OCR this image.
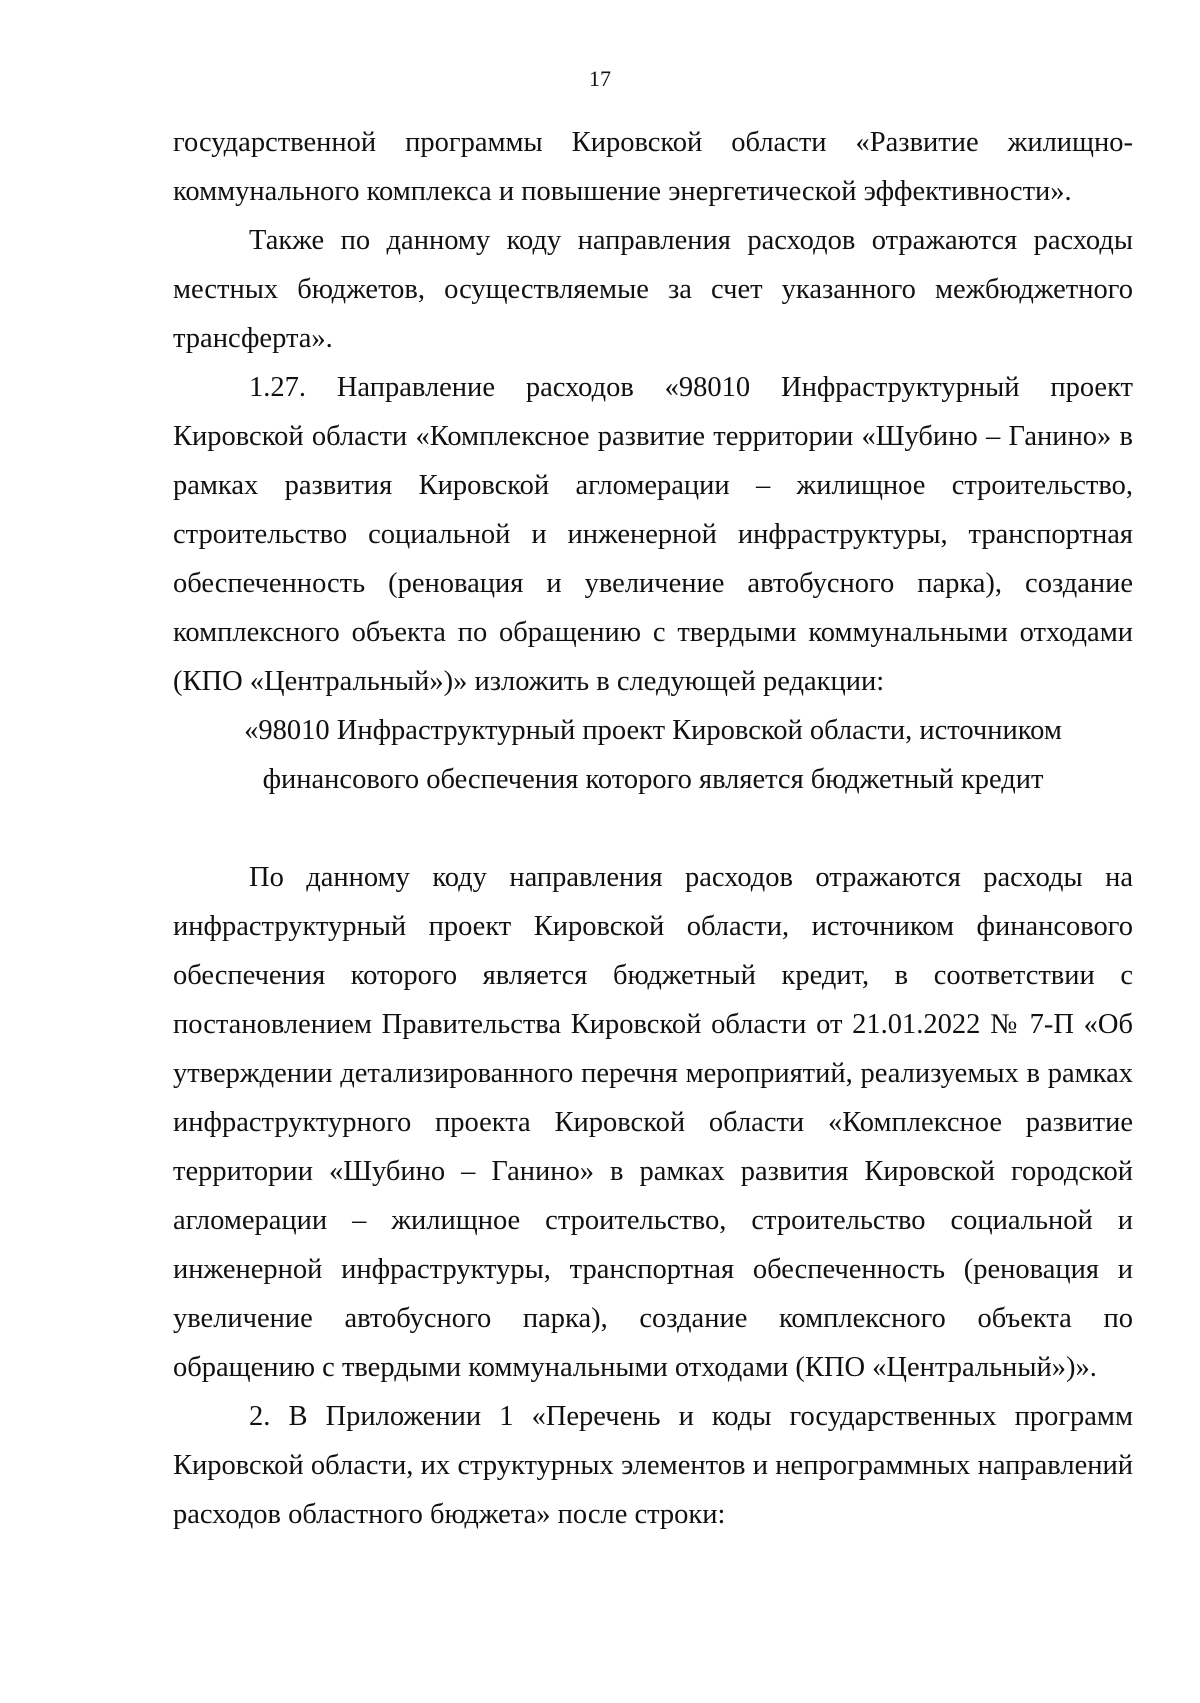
17

государственной программы Кировской области «Развитие жилищно-коммунального комплекса и повышение энергетической эффективности».

Также по данному коду направления расходов отражаются расходы местных бюджетов, осуществляемые за счет указанного межбюджетного трансферта».

1.27. Направление расходов «98010 Инфраструктурный проект Кировской области «Комплексное развитие территории «Шубино – Ганино» в рамках развития Кировской агломерации – жилищное строительство, строительство социальной и инженерной инфраструктуры, транспортная обеспеченность (реновация и увеличение автобусного парка), создание комплексного объекта по обращению с твердыми коммунальными отходами (КПО «Центральный»)» изложить в следующей редакции:

«98010 Инфраструктурный проект Кировской области, источником

финансового обеспечения которого является бюджетный кредит

По данному коду направления расходов отражаются расходы на инфраструктурный проект Кировской области, источником финансового обеспечения которого является бюджетный кредит, в соответствии с постановлением Правительства Кировской области от 21.01.2022 № 7-П «Об утверждении детализированного перечня мероприятий, реализуемых в рамках инфраструктурного проекта Кировской области «Комплексное развитие территории «Шубино – Ганино» в рамках развития Кировской городской агломерации – жилищное строительство, строительство социальной и инженерной инфраструктуры, транспортная обеспеченность (реновация и увеличение автобусного парка), создание комплексного объекта по обращению с твердыми коммунальными отходами (КПО «Центральный»)».

2. В Приложении 1 «Перечень и коды государственных программ Кировской области, их структурных элементов и непрограммных направлений расходов областного бюджета» после строки:
